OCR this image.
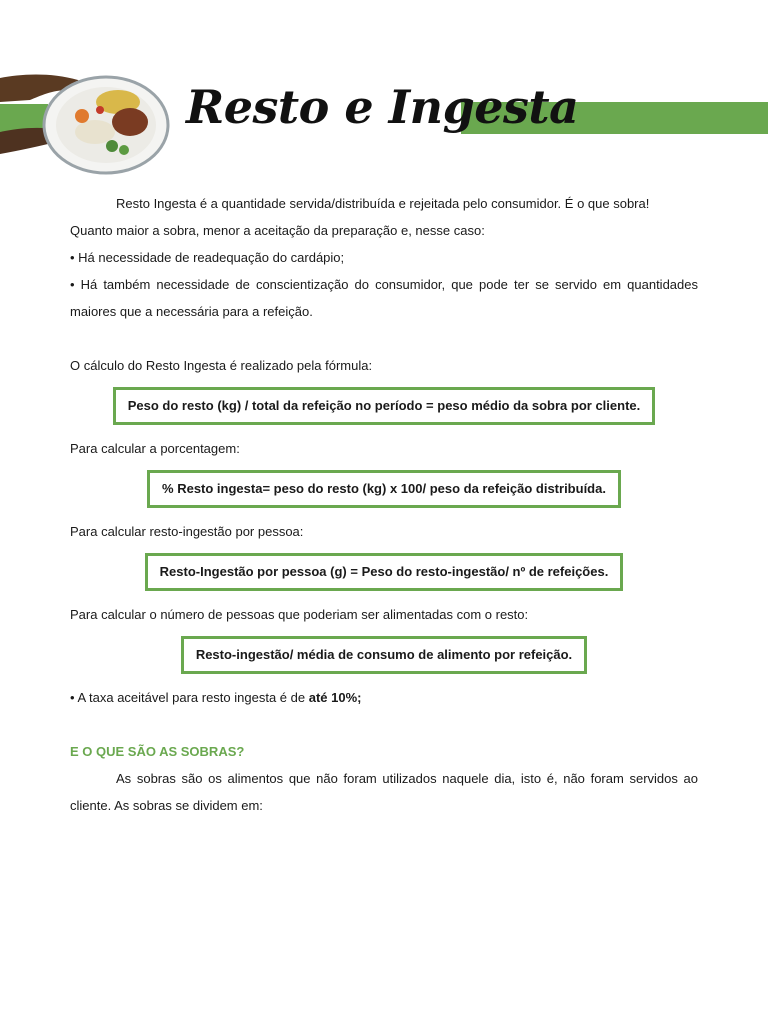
Resto e Ingesta

Resto Ingesta é a quantidade servida/distribuída e rejeitada pelo consumidor. É o que sobra!

Quanto maior a sobra, menor a aceitação da preparação e, nesse caso:

• Há necessidade de readequação do cardápio;

• Há também necessidade de conscientização do consumidor, que pode ter se servido em quantidades maiores que a necessária para a refeição.

O cálculo do Resto Ingesta é realizado pela fórmula:

Peso do resto (kg) / total da refeição no período = peso médio da sobra por cliente.

Para calcular a porcentagem:

% Resto ingesta= peso do resto (kg) x 100/ peso da refeição distribuída.

Para calcular resto-ingestão por pessoa:

Resto-Ingestão por pessoa (g) = Peso do resto-ingestão/ nº de refeições.

Para calcular o número de pessoas que poderiam ser alimentadas com o resto:

Resto-ingestão/ média de consumo de alimento por refeição.

• A taxa aceitável para resto ingesta é de até 10%;

E O QUE SÃO AS SOBRAS?

As sobras são os alimentos que não foram utilizados naquele dia, isto é, não foram servidos ao cliente. As sobras se dividem em:
